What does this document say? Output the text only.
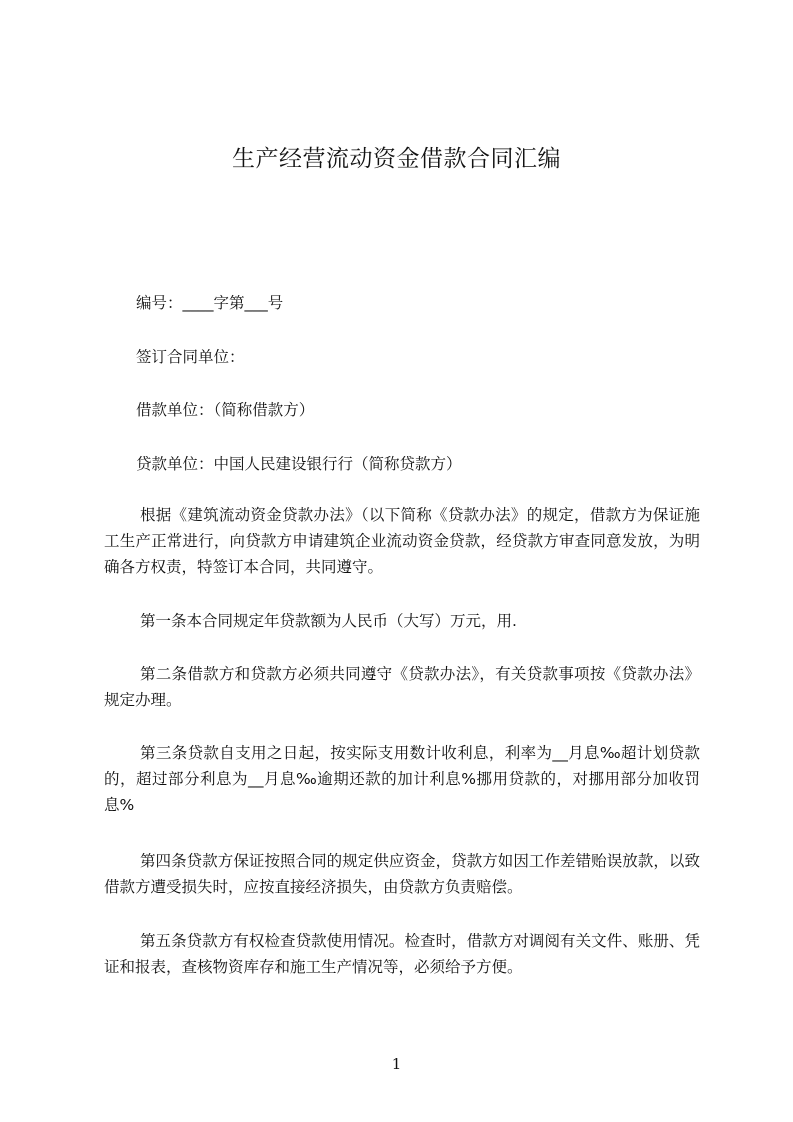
生产经营流动资金借款合同汇编
编号：____字第___号
签订合同单位：
借款单位：（简称借款方）
贷款单位：中国人民建设银行行（简称贷款方）
根据《建筑流动资金贷款办法》（以下简称《贷款办法》的规定，借款方为保证施工生产正常进行，向贷款方申请建筑企业流动资金贷款，经贷款方审查同意发放，为明确各方权责，特签订本合同，共同遵守。
第一条本合同规定年贷款额为人民币（大写）万元，用.
第二条借款方和贷款方必须共同遵守《贷款办法》，有关贷款事项按《贷款办法》规定办理。
第三条贷款自支用之日起，按实际支用数计收利息，利率为__月息‰超计划贷款的，超过部分利息为__月息‰逾期还款的加计利息%挪用贷款的，对挪用部分加收罚息%
第四条贷款方保证按照合同的规定供应资金，贷款方如因工作差错贻误放款，以致借款方遭受损失时，应按直接经济损失，由贷款方负责赔偿。
第五条贷款方有权检查贷款使用情况。检查时，借款方对调阅有关文件、账册、凭证和报表，查核物资库存和施工生产情况等，必须给予方便。
1
